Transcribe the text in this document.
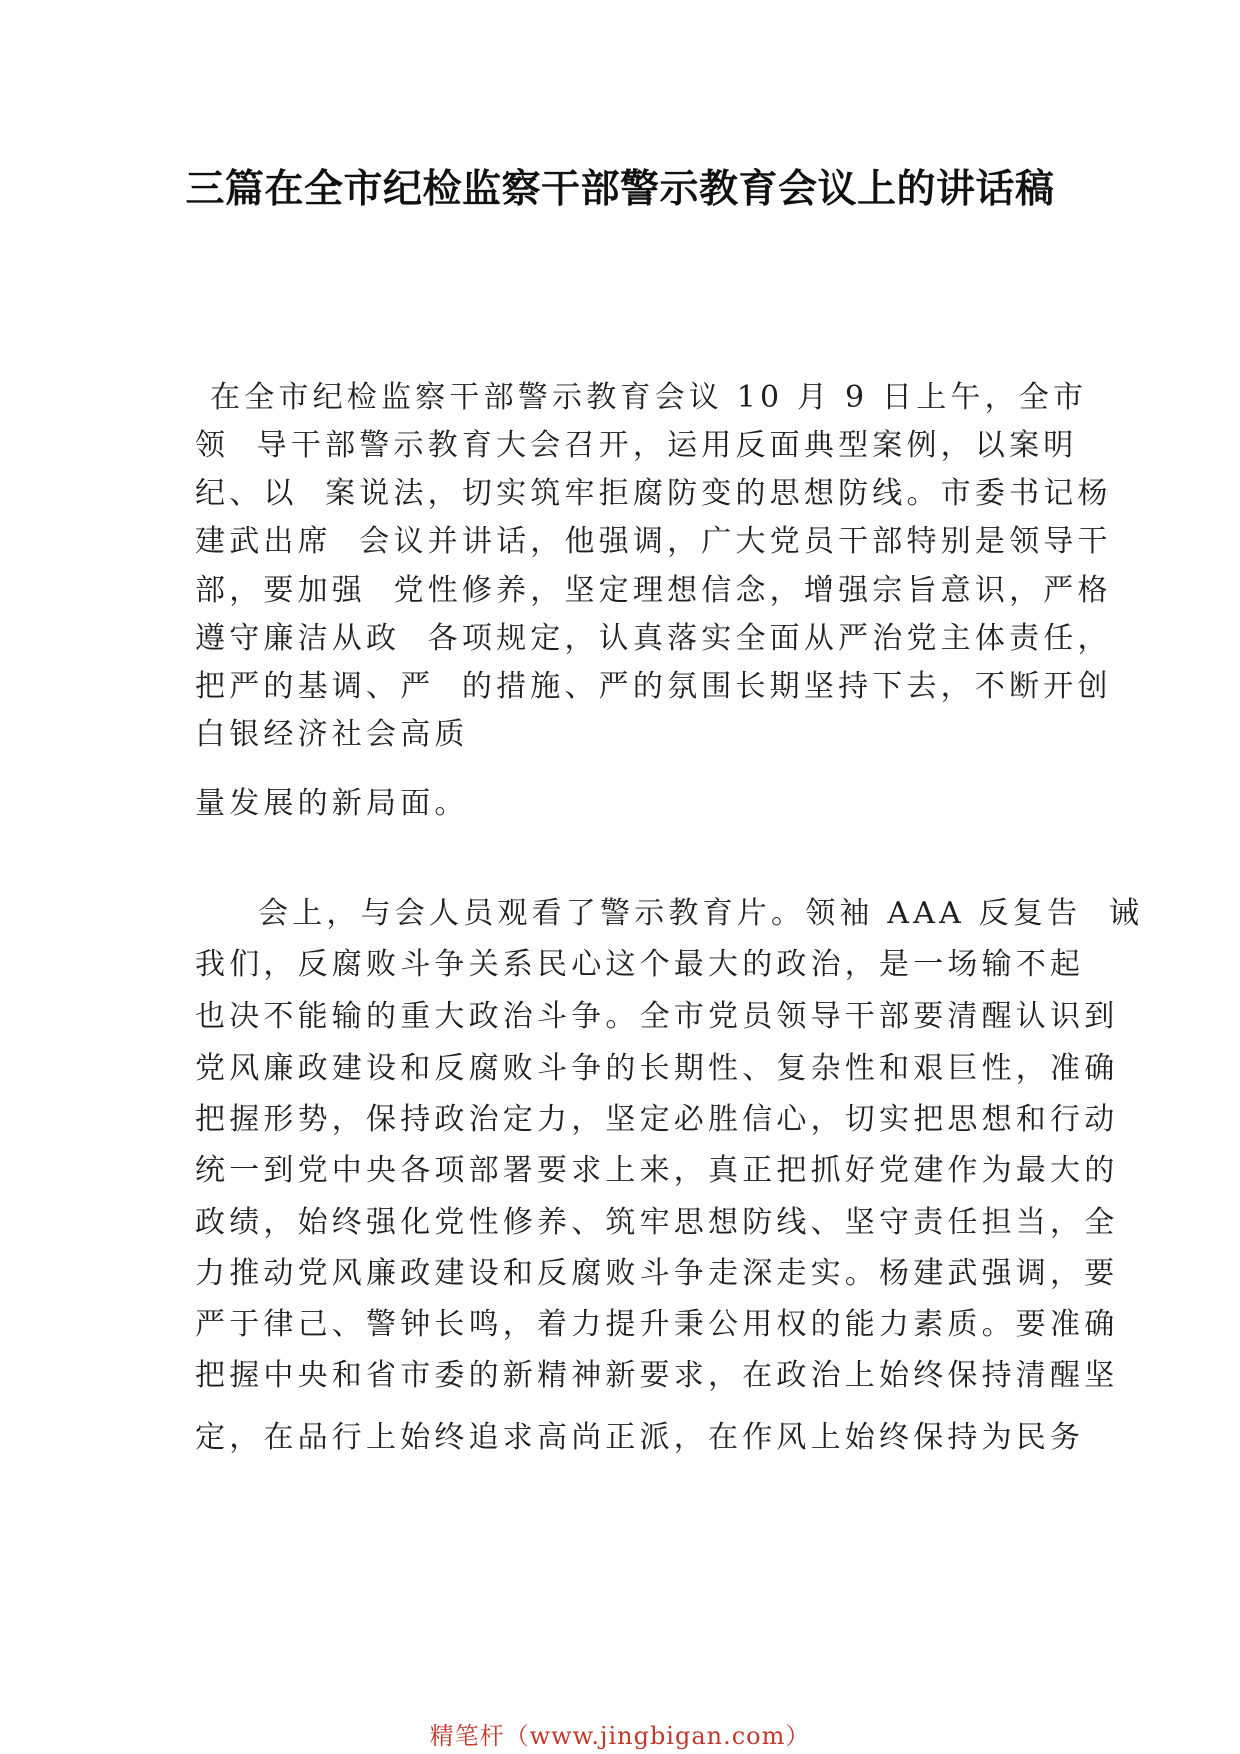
三篇在全市纪检监察干部警示教育会议上的讲话稿
在全市纪检监察干部警示教育会议 10 月 9 日上午，全市
领  导干部警示教育大会召开，运用反面典型案例，以案明
纪、以  案说法，切实筑牢拒腐防变的思想防线。市委书记杨
建武出席  会议并讲话，他强调，广大党员干部特别是领导干
部，要加强  党性修养，坚定理想信念，增强宗旨意识，严格
遵守廉洁从政  各项规定，认真落实全面从严治党主体责任，
把严的基调、严  的措施、严的氛围长期坚持下去，不断开创
白银经济社会高质
量发展的新局面。
会上，与会人员观看了警示教育片。领袖 AAA 反复告  诫
我们，反腐败斗争关系民心这个最大的政治，是一场输不起
也决不能输的重大政治斗争。全市党员领导干部要清醒认识到
党风廉政建设和反腐败斗争的长期性、复杂性和艰巨性，准确
把握形势，保持政治定力，坚定必胜信心，切实把思想和行动
统一到党中央各项部署要求上来，真正把抓好党建作为最大的
政绩，始终强化党性修养、筑牢思想防线、坚守责任担当，全
力推动党风廉政建设和反腐败斗争走深走实。杨建武强调，要
严于律己、警钟长鸣，着力提升秉公用权的能力素质。要准确
把握中央和省市委的新精神新要求，在政治上始终保持清醒坚
定，在品行上始终追求高尚正派，在作风上始终保持为民务
精笔杆（www.jingbigan.com）
